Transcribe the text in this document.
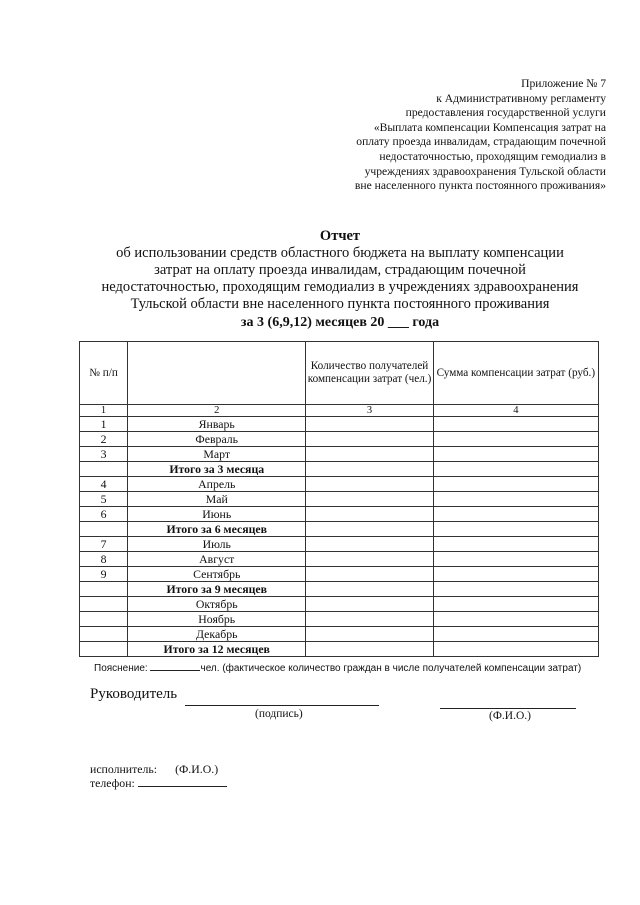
Приложение № 7
к Административному регламенту
предоставления государственной услуги
«Выплата компенсации Компенсация затрат на
оплату проезда инвалидам, страдающим почечной
недостаточностью, проходящим гемодиализ в
учреждениях здравоохранения Тульской области
вне населенного пункта постоянного проживания»
Отчет
об использовании средств областного бюджета на выплату компенсации
затрат на оплату проезда инвалидам, страдающим почечной
недостаточностью, проходящим гемодиализ в учреждениях здравоохранения
Тульской области вне населенного пункта постоянного проживания
за 3 (6,9,12) месяцев 20 ___ года
№ п/п		Количество получателей компенсации затрат (чел.)	Сумма компенсации затрат (руб.)
1	2	3	4
1	Январь		
2	Февраль		
3	Март		
	Итого за 3 месяца		
4	Апрель		
5	Май		
6	Июнь		
	Итого за 6 месяцев		
7	Июль		
8	Август		
9	Сентябрь		
	Итого за 9 месяцев		
	Октябрь		
	Ноябрь		
	Декабрь		
	Итого за 12 месяцев		
Пояснение:	чел. (фактическое количество граждан в числе получателей компенсации затрат)
Руководитель
(подпись)	(Ф.И.О.)
исполнитель: (Ф.И.О.)
телефон:
